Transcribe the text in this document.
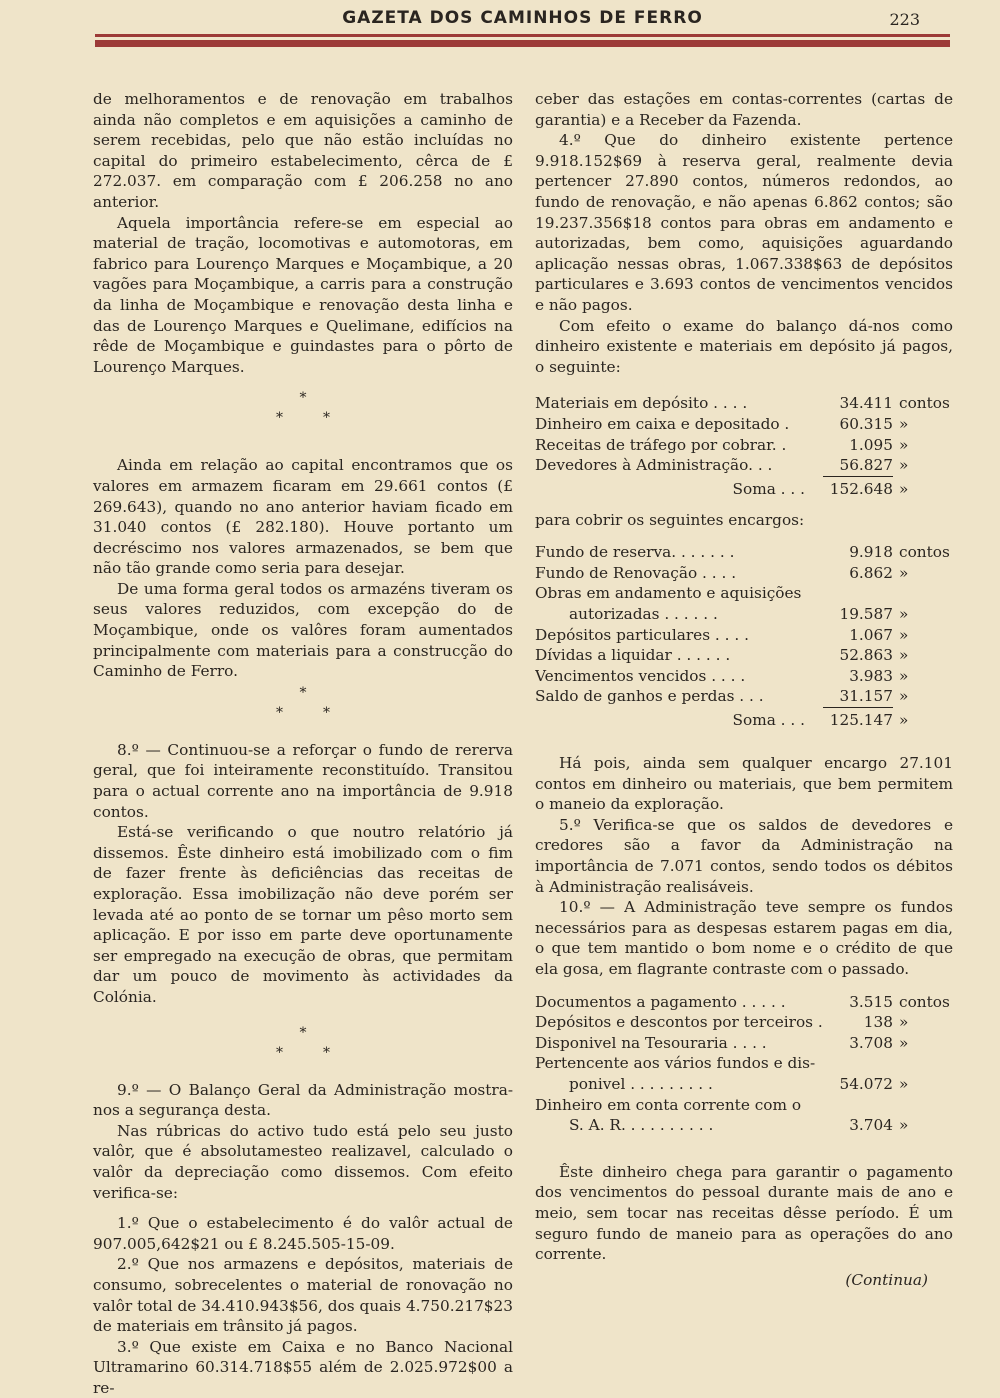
GAZETA DOS CAMINHOS DE FERRO	223

de melhoramentos e de renovação em trabalhos ainda não completos e em aquisições a caminho de serem recebidas, pelo que não estão incluídas no capital do primeiro estabelecimento, cêrca de £ 272.037. em comparação com £ 206.258 no ano anterior.

Aquela importância refere-se em especial ao material de tração, locomotivas e automotoras, em fabrico para Lourenço Marques e Moçambique, a 20 vagões para Moçambique, a carris para a construção da linha de Moçambique e renovação desta linha e das de Lourenço Marques e Quelimane, edifícios na rêde de Moçambique e guindastes para o pôrto de Lourenço Marques.

*

*	*

Ainda em relação ao capital encontramos que os valores em armazem ficaram em 29.661 contos (£ 269.643), quando no ano anterior haviam ficado em 31.040 contos (£ 282.180). Houve portanto um decréscimo nos valores armazenados, se bem que não tão grande como seria para desejar.

De uma forma geral todos os armazéns tiveram os seus valores reduzidos, com excepção do de Moçambique, onde os valôres foram aumentados principalmente com materiais para a construcção do Caminho de Ferro.

*

*	*

8.º — Continuou-se a reforçar o fundo de rererva geral, que foi inteiramente reconstituído. Transitou para o actual corrente ano na importância de 9.918 contos.

Está-se verificando o que noutro relatório já dissemos. Êste dinheiro está imobilizado com o fim de fazer frente às deficiências das receitas de exploração. Essa imobilização não deve porém ser levada até ao ponto de se tornar um pêso morto sem aplicação. E por isso em parte deve oportunamente ser empregado na execução de obras, que permitam dar um pouco de movimento às actividades da Colónia.

*

*	*

9.º — O Balanço Geral da Administração mostra-nos a segurança desta.

Nas rúbricas do activo tudo está pelo seu justo valôr, que é absolutamesteo realizavel, calculado o valôr da depreciação como dissemos. Com efeito verifica-se:

1.º Que o estabelecimento é do valôr actual de 907.005,642$21 ou £ 8.245.505-15-09.

2.º Que nos armazens e depósitos, materiais de consumo, sobrecelentes o material de ronovação no valôr total de 34.410.943$56, dos quais 4.750.217$23 de materiais em trânsito já pagos.

3.º Que existe em Caixa e no Banco Nacional Ultramarino 60.314.718$55 além de 2.025.972$00 a re-

ceber das estações em contas-correntes (cartas de garantia) e a Receber da Fazenda.

4.º Que do dinheiro existente pertence 9.918.152$69 à reserva geral, realmente devia pertencer 27.890 contos, números redondos, ao fundo de renovação, e não apenas 6.862 contos; são 19.237.356$18 contos para obras em andamento e autorizadas, bem como, aquisições aguardando aplicação nessas obras, 1.067.338$63 de depósitos particulares e 3.693 contos de vencimentos vencidos e não pagos.

Com efeito o exame do balanço dá-nos como dinheiro existente e materiais em depósito já pagos, o seguinte:

Materiais em depósito . . . .	34.411 contos
Dinheiro em caixa e depositado .	60.315 »
Receitas de tráfego por cobrar. .	1.095 »
Devedores à Administração. . .	56.827 »
Soma . . .	152.648 »

para cobrir os seguintes encargos:

Fundo de reserva. . . . . . .	9.918 contos
Fundo de Renovação . . . .	6.862 »
Obras em andamento e aquisições
autorizadas . . . . . .	19.587 »
Depósitos particulares . . . .	1.067 »
Dívidas a liquidar . . . . . .	52.863 »
Vencimentos vencidos . . . .	3.983 »
Saldo de ganhos e perdas . . .	31.157 »
Soma . . .	125.147 »

Há pois, ainda sem qualquer encargo 27.101 contos em dinheiro ou materiais, que bem permitem o maneio da exploração.

5.º Verifica-se que os saldos de devedores e credores são a favor da Administração na importância de 7.071 contos, sendo todos os débitos à Administração realisáveis.

10.º — A Administração teve sempre os fundos necessários para as despesas estarem pagas em dia, o que tem mantido o bom nome e o crédito de que ela gosa, em flagrante contraste com o passado.

Documentos a pagamento . . . . .	3.515 contos
Depósitos e descontos por terceiros .	138 »
Disponivel na Tesouraria . . . .	3.708 »
Pertencente aos vários fundos e dis-
ponivel . . . . . . . . .	54.072 »
Dinheiro em conta corrente com o
S. A. R. . . . . . . . . .	3.704 »

Êste dinheiro chega para garantir o pagamento dos vencimentos do pessoal durante mais de ano e meio, sem tocar nas receitas dêsse período. É um seguro fundo de maneio para as operações do ano corrente.

(Continua)
